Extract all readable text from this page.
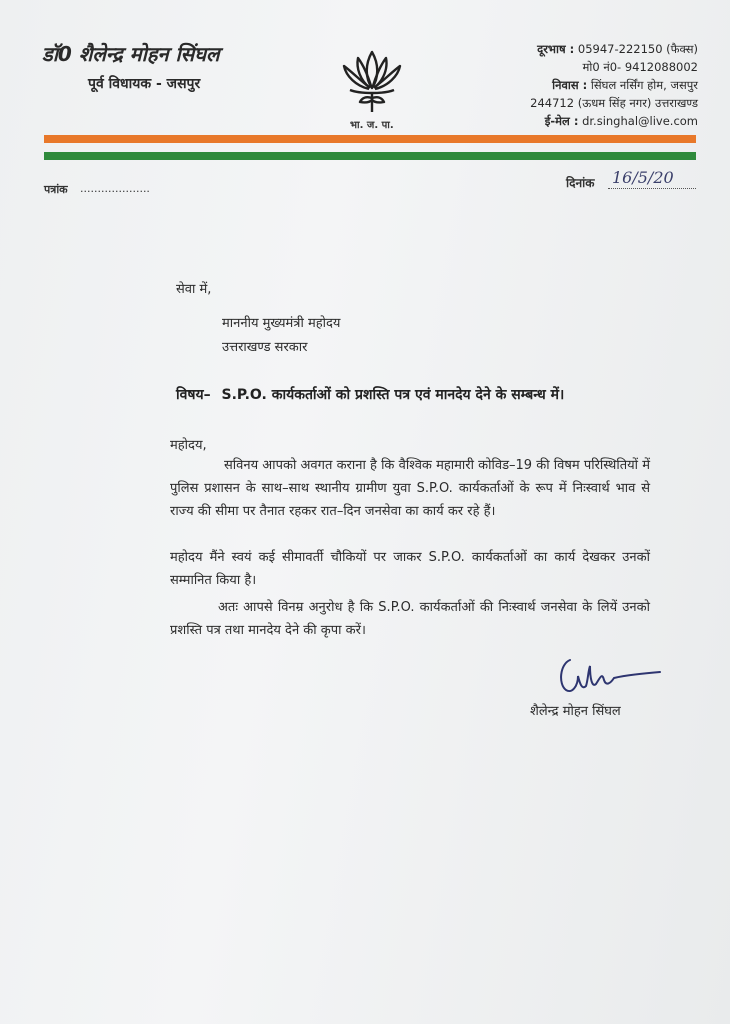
डॉ0 शैलेन्द्र मोहन सिंघल
पूर्व विधायक - जसपुर
भा. ज. पा.
दूरभाष : 05947-222150 (फैक्स)
मो0 नं0- 9412088002
निवास : सिंघल नर्सिंग होम, जसपुर
244712 (ऊधम सिंह नगर) उत्तराखण्ड
ई-मेल : dr.singhal@live.com
पत्रांक ....................	दिनांक 16/5/20
सेवा में,
माननीय मुख्यमंत्री महोदय
उत्तराखण्ड सरकार
विषय– S.P.O. कार्यकर्ताओं को प्रशस्ति पत्र एवं मानदेय देने के सम्बन्ध में।
महोदय,
सविनय आपको अवगत कराना है कि वैश्विक महामारी कोविड–19 की विषम परिस्थितियों में पुलिस प्रशासन के साथ–साथ स्थानीय ग्रामीण युवा S.P.O. कार्यकर्ताओं के रूप में निःस्वार्थ भाव से राज्य की सीमा पर तैनात रहकर रात–दिन जनसेवा का कार्य कर रहे हैं।
महोदय मैंने स्वयं कई सीमावर्ती चौकियों पर जाकर S.P.O. कार्यकर्ताओं का कार्य देखकर उनकों सम्मानित किया है।
अतः आपसे विनम्र अनुरोध है कि S.P.O. कार्यकर्ताओं की निःस्वार्थ जनसेवा के लियें उनको प्रशस्ति पत्र तथा मानदेय देने की कृपा करें।
शैलेन्द्र मोहन सिंघल
